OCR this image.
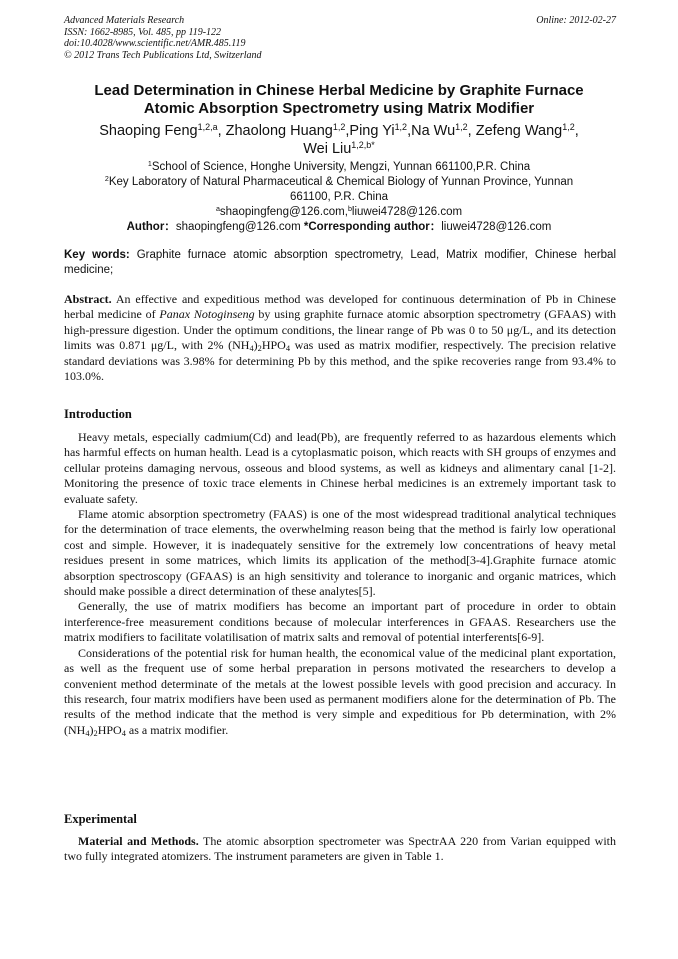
Advanced Materials Research
ISSN: 1662-8985, Vol. 485, pp 119-122
doi:10.4028/www.scientific.net/AMR.485.119
© 2012 Trans Tech Publications Ltd, Switzerland
Online: 2012-02-27
Lead Determination in Chinese Herbal Medicine by Graphite Furnace
Atomic Absorption Spectrometry using Matrix Modifier
Shaoping Feng$^{1,2,a}$, Zhaolong Huang$^{1,2}$,Ping Yi$^{1,2}$,Na Wu$^{1,2}$, Zefeng Wang$^{1,2}$,
Wei Liu$^{1,2,b*}$
$^1$School of Science, Honghe University, Mengzi, Yunnan 661100,P.R. China
$^2$Key Laboratory of Natural Pharmaceutical & Chemical Biology of Yunnan Province, Yunnan
661100, P.R. China
$^a$shaopingfeng@126.com,$^b$liuwei4728@126.com
Author：shaopingfeng@126.com *Corresponding author：liuwei4728@126.com
Key words: Graphite furnace atomic absorption spectrometry, Lead, Matrix modifier, Chinese herbal medicine;
Abstract. An effective and expeditious method was developed for continuous determination of Pb in Chinese herbal medicine of Panax Notoginseng by using graphite furnace atomic absorption spectrometry (GFAAS) with high-pressure digestion. Under the optimum conditions, the linear range of Pb was 0 to 50 μg/L, and its detection limits was 0.871 μg/L, with 2% $(NH_4)_2HPO_4$ was used as matrix modifier, respectively. The precision relative standard deviations was 3.98% for determining Pb by this method, and the spike recoveries range from 93.4% to 103.0%.
Introduction

Heavy metals, especially cadmium(Cd) and lead(Pb), are frequently referred to as hazardous elements which has harmful effects on human health. Lead is a cytoplasmatic poison, which reacts with SH groups of enzymes and cellular proteins damaging nervous, osseous and blood systems, as well as kidneys and alimentary canal [1-2]. Monitoring the presence of toxic trace elements in Chinese herbal medicines is an extremely important task to evaluate safety.

Flame atomic absorption spectrometry (FAAS) is one of the most widespread traditional analytical techniques for the determination of trace elements, the overwhelming reason being that the method is fairly low operational cost and simple. However, it is inadequately sensitive for the extremely low concentrations of heavy metal residues present in some matrices, which limits its application of the method[3-4].Graphite furnace atomic absorption spectroscopy (GFAAS) is an high sensitivity and tolerance to inorganic and organic matrices, which should make possible a direct determination of these analytes[5].

Generally, the use of matrix modifiers has become an important part of procedure in order to obtain interference-free measurement conditions because of molecular interferences in GFAAS. Researchers use the matrix modifiers to facilitate volatilisation of matrix salts and removal of potential interferents[6-9].

Considerations of the potential risk for human health, the economical value of the medicinal plant exportation, as well as the frequent use of some herbal preparation in persons motivated the researchers to develop a convenient method determinate of the metals at the lowest possible levels with good precision and accuracy. In this research, four matrix modifiers have been used as permanent modifiers alone for the determination of Pb. The results of the method indicate that the method is very simple and expeditious for Pb determination, with 2% $(NH_4)_2HPO_4$ as a matrix modifier.

Experimental

Material and Methods. The atomic absorption spectrometer was SpectrAA 220 from Varian equipped with two fully integrated atomizers. The instrument parameters are given in Table 1.
